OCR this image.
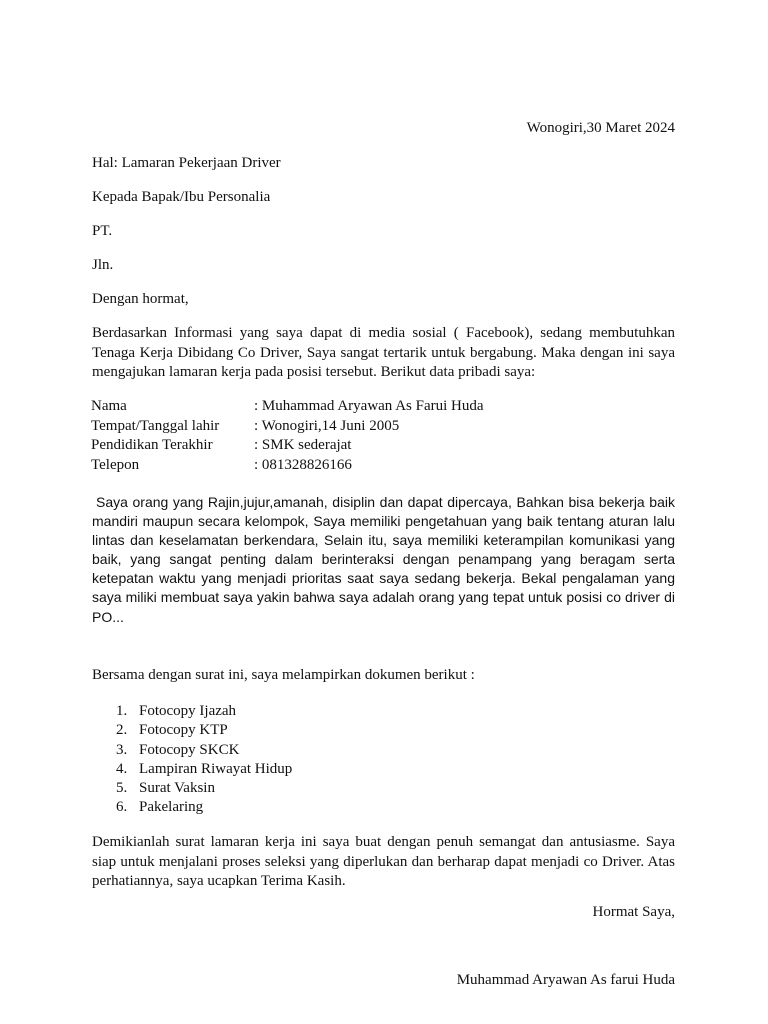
Wonogiri,30 Maret 2024

Hal: Lamaran Pekerjaan Driver

Kepada Bapak/Ibu Personalia

PT.

Jln.

Dengan hormat,

Berdasarkan Informasi yang saya dapat di media sosial ( Facebook), sedang membutuhkan Tenaga Kerja Dibidang Co Driver, Saya sangat tertarik untuk bergabung. Maka dengan ini saya mengajukan lamaran kerja pada posisi tersebut. Berikut data pribadi saya:

Nama	: Muhammad Aryawan As Farui Huda
Tempat/Tanggal lahir	: Wonogiri,14 Juni 2005
Pendidikan Terakhir	: SMK sederajat
Telepon	: 081328826166

Saya orang yang Rajin,jujur,amanah, disiplin dan dapat dipercaya, Bahkan bisa bekerja baik mandiri maupun secara kelompok, Saya memiliki pengetahuan yang baik tentang aturan lalu lintas dan keselamatan berkendara, Selain itu, saya memiliki keterampilan komunikasi yang baik, yang sangat penting dalam berinteraksi dengan penampang yang beragam serta ketepatan waktu yang menjadi prioritas saat saya sedang bekerja. Bekal pengalaman yang saya miliki membuat saya yakin bahwa saya adalah orang yang tepat untuk posisi co driver di PO...

Bersama dengan surat ini, saya melampirkan dokumen berikut :

1. Fotocopy Ijazah
2. Fotocopy KTP
3. Fotocopy SKCK
4. Lampiran Riwayat Hidup
5. Surat Vaksin
6. Pakelaring

Demikianlah surat lamaran kerja ini saya buat dengan penuh semangat dan antusiasme. Saya siap untuk menjalani proses seleksi yang diperlukan dan berharap dapat menjadi co Driver. Atas perhatiannya, saya ucapkan Terima Kasih.

Hormat Saya,

Muhammad Aryawan As farui Huda
